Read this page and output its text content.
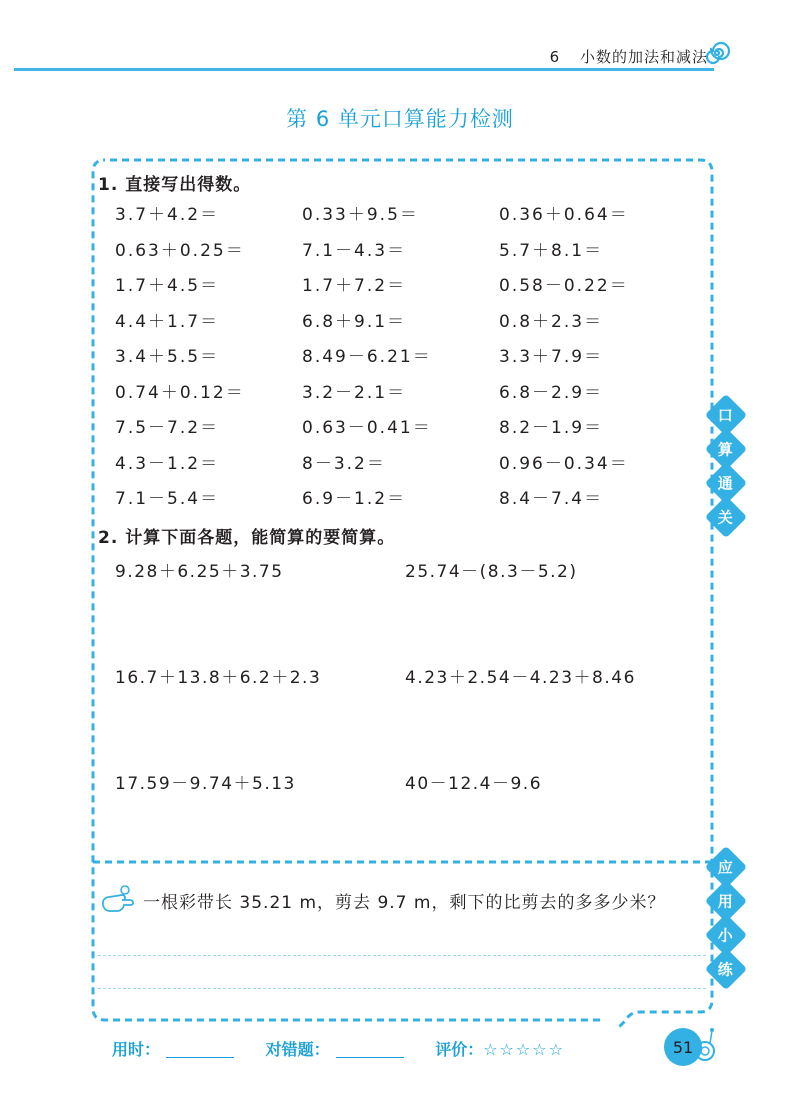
6 小数的加法和减法
第 6 单元口算能力检测
1. 直接写出得数。
3.7＋4.2＝	0.33＋9.5＝	0.36＋0.64＝
0.63＋0.25＝	7.1－4.3＝	5.7＋8.1＝
1.7＋4.5＝	1.7＋7.2＝	0.58－0.22＝
4.4＋1.7＝	6.8＋9.1＝	0.8＋2.3＝
3.4＋5.5＝	8.49－6.21＝	3.3＋7.9＝
0.74＋0.12＝	3.2－2.1＝	6.8－2.9＝
7.5－7.2＝	0.63－0.41＝	8.2－1.9＝
4.3－1.2＝	8－3.2＝	0.96－0.34＝
7.1－5.4＝	6.9－1.2＝	8.4－7.4＝
2. 计算下面各题，能简算的要简算。
9.28＋6.25＋3.75	25.74－(8.3－5.2)
16.7＋13.8＋6.2＋2.3	4.23＋2.54－4.23＋8.46
17.59－9.74＋5.13	40－12.4－9.6
口
算
通
关
应
用
小
练
一根彩带长 35.21 m，剪去 9.7 m，剩下的比剪去的多多少米？
用时：	对错题：	评价：☆☆☆☆☆	51
